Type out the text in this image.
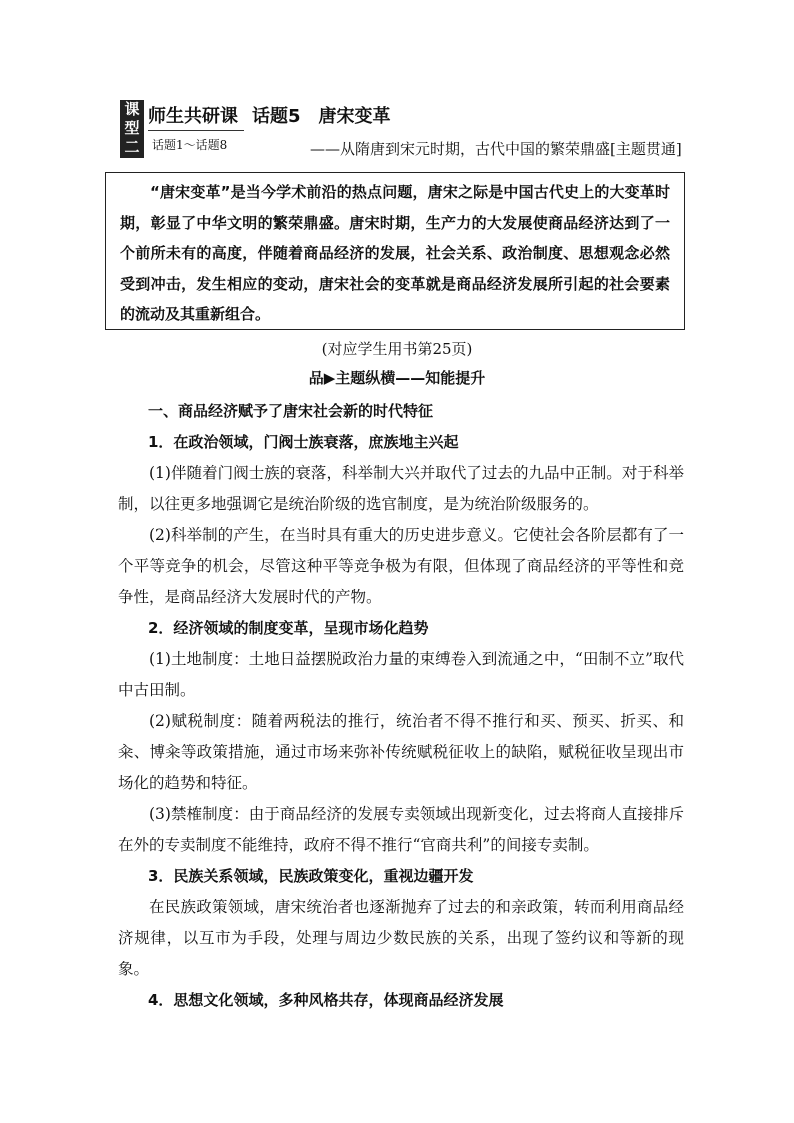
课
型
二
师生共研课
话题1～话题8
话题5　唐宋变革
——从隋唐到宋元时期，古代中国的繁荣鼎盛[主题贯通]

“唐宋变革”是当今学术前沿的热点问题，唐宋之际是中国古代史上的大变革时期，彰显了中华文明的繁荣鼎盛。唐宋时期，生产力的大发展使商品经济达到了一个前所未有的高度，伴随着商品经济的发展，社会关系、政治制度、思想观念必然受到冲击，发生相应的变动，唐宋社会的变革就是商品经济发展所引起的社会要素的流动及其重新组合。

(对应学生用书第25页)
品▶主题纵横——知能提升

一、商品经济赋予了唐宋社会新的时代特征

1．在政治领域，门阀士族衰落，庶族地主兴起

(1)伴随着门阀士族的衰落，科举制大兴并取代了过去的九品中正制。对于科举制，以往更多地强调它是统治阶级的选官制度，是为统治阶级服务的。

(2)科举制的产生，在当时具有重大的历史进步意义。它使社会各阶层都有了一个平等竞争的机会，尽管这种平等竞争极为有限，但体现了商品经济的平等性和竞争性，是商品经济大发展时代的产物。

2．经济领域的制度变革，呈现市场化趋势

(1)土地制度：土地日益摆脱政治力量的束缚卷入到流通之中，“田制不立”取代中古田制。

(2)赋税制度：随着两税法的推行，统治者不得不推行和买、预买、折买、和籴、博籴等政策措施，通过市场来弥补传统赋税征收上的缺陷，赋税征收呈现出市场化的趋势和特征。

(3)禁榷制度：由于商品经济的发展专卖领域出现新变化，过去将商人直接排斥在外的专卖制度不能维持，政府不得不推行“官商共利”的间接专卖制。

3．民族关系领域，民族政策变化，重视边疆开发

在民族政策领域，唐宋统治者也逐渐抛弃了过去的和亲政策，转而利用商品经济规律，以互市为手段，处理与周边少数民族的关系，出现了签约议和等新的现象。

4．思想文化领域，多种风格共存，体现商品经济发展
